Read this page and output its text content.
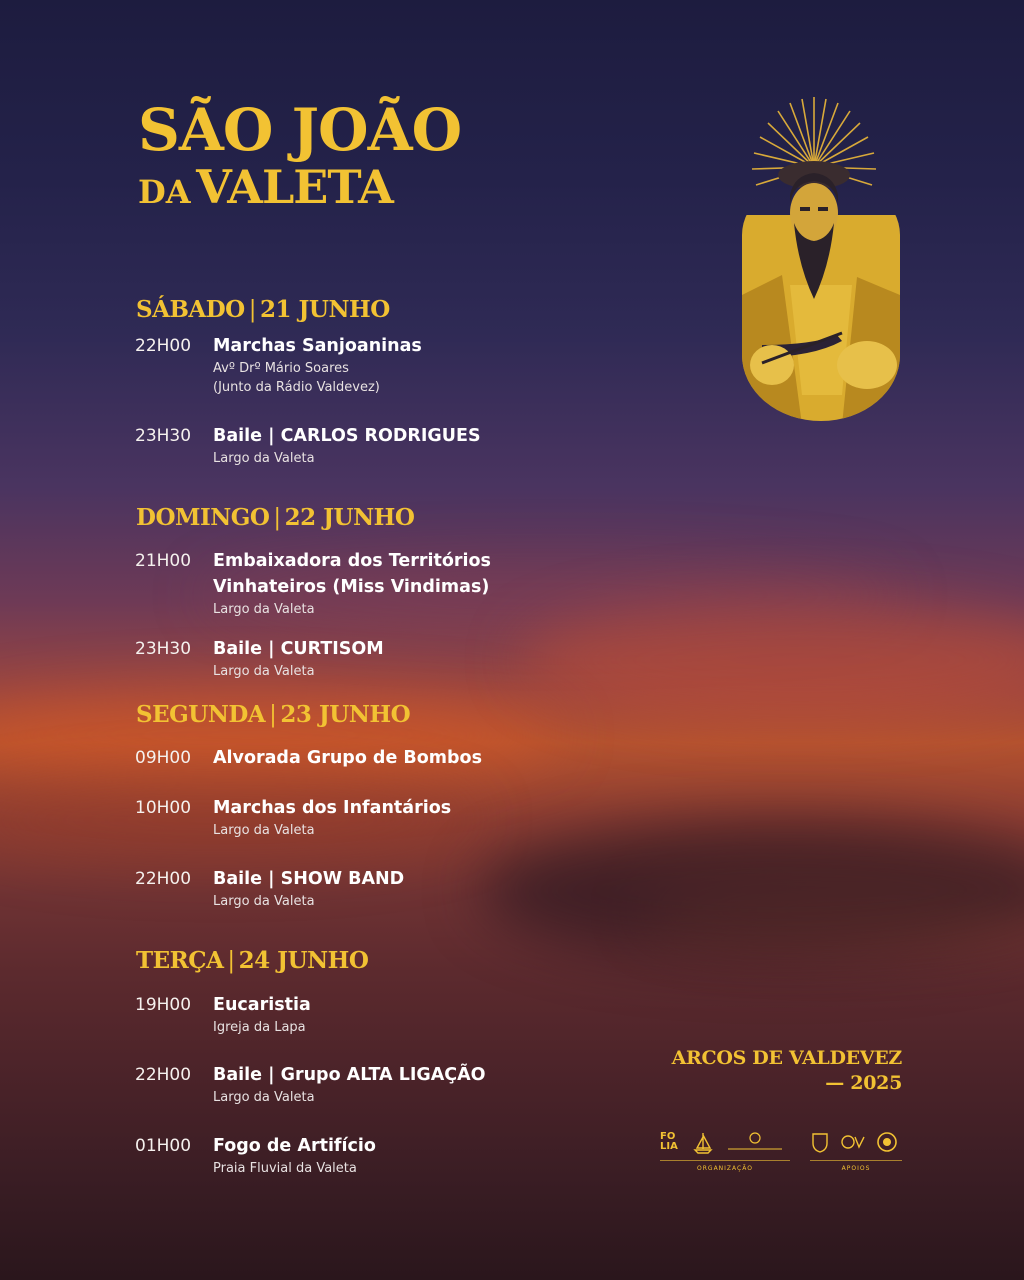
SÃO JOÃO
DA VALETA
SÁBADO | 21 JUNHO
22H00 Marchas Sanjoaninas
Avº Drº Mário Soares
(Junto da Rádio Valdevez)
23H30 Baile | CARLOS RODRIGUES
Largo da Valeta
DOMINGO | 22 JUNHO
21H00 Embaixadora dos Territórios
Vinhateiros (Miss Vindimas)
Largo da Valeta
23H30 Baile | CURTISOM
Largo da Valeta
SEGUNDA | 23 JUNHO
09H00 Alvorada Grupo de Bombos
10H00 Marchas dos Infantários
Largo da Valeta
22H00 Baile | SHOW BAND
Largo da Valeta
TERÇA | 24 JUNHO
19H00 Eucaristia
Igreja da Lapa
22H00 Baile | Grupo ALTA LIGAÇÃO
Largo da Valeta
01H00 Fogo de Artifício
Praia Fluvial da Valeta
ARCOS DE VALDEVEZ
— 2025
FO LIA
ORGANIZAÇÃO	APOIOS
